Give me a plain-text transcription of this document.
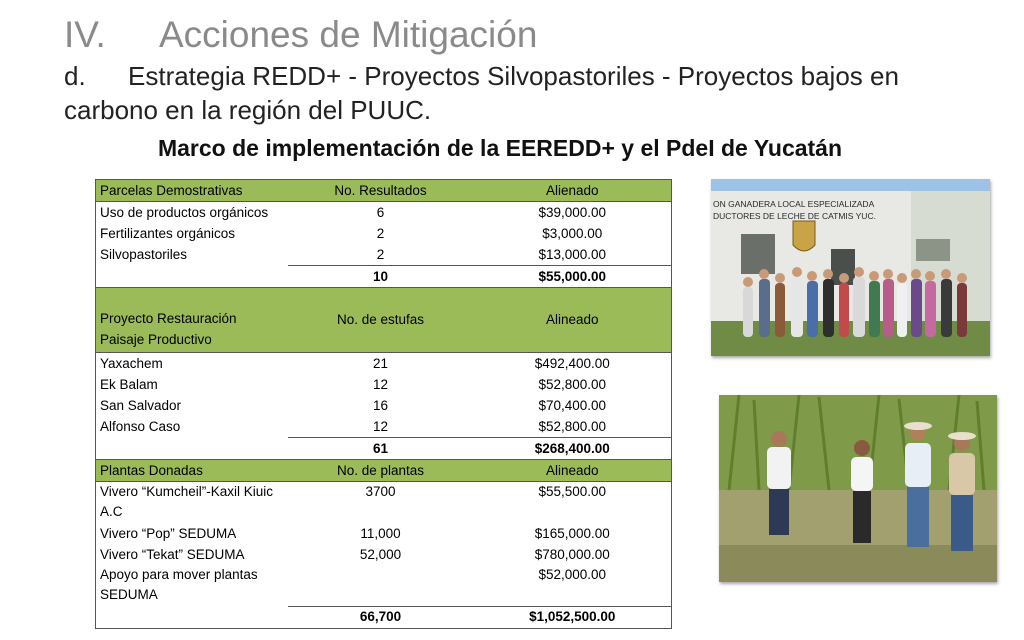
IV. Acciones de Mitigación
d. Estrategia REDD+ - Proyectos Silvopastoriles - Proyectos bajos en carbono en la región del PUUC.
Marco de implementación de la EEREDD+ y el PdeI de Yucatán
Parcelas Demostrativas	No. Resultados	Alienado
Uso de productos orgánicos	6	$39,000.00
Fertilizantes orgánicos	2	$3,000.00
Silvopastoriles	2	$13,000.00
	10	$55,000.00
Proyecto Restauración Paisaje Productivo	No. de estufas	Alineado
Yaxachem	21	$492,400.00
Ek Balam	12	$52,800.00
San Salvador	16	$70,400.00
Alfonso Caso	12	$52,800.00
	61	$268,400.00
Plantas Donadas	No. de plantas	Alineado
Vivero “Kumcheil”-Kaxil Kiuic A.C	3700	$55,500.00
Vivero “Pop” SEDUMA	11,000	$165,000.00
Vivero “Tekat” SEDUMA	52,000	$780,000.00
Apoyo para mover plantas SEDUMA		$52,000.00
	66,700	$1,052,500.00
ON GANADERA LOCAL ESPECIALIZADA
DUCTORES DE LECHE DE CATMIS YUC.
